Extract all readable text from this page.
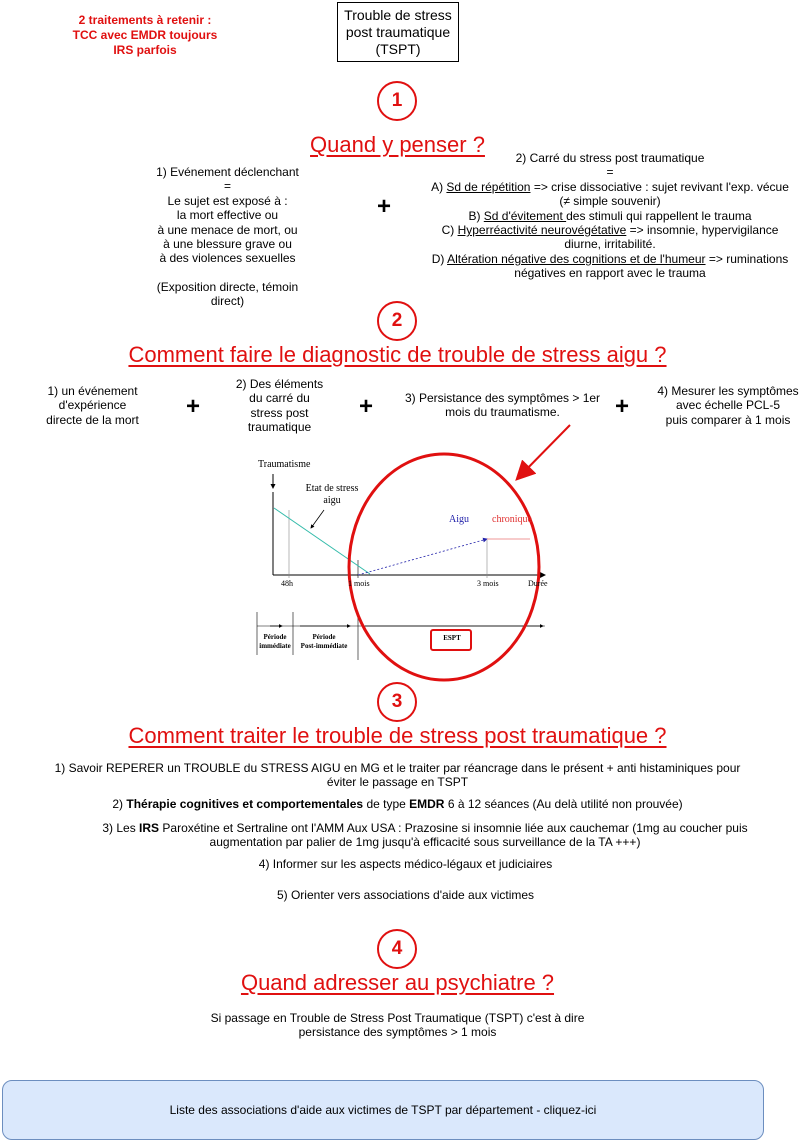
2 traitements à retenir :
TCC avec EMDR toujours
IRS parfois
Trouble de stress
post traumatique
(TSPT)
1
Quand y penser ?
1) Evénement déclenchant
=
Le sujet est exposé à :
la mort effective ou
à une menace de mort, ou
à une blessure grave ou
à des violences sexuelles
(Exposition directe, témoin
direct)
+
2) Carré du stress post traumatique
=
A) Sd de répétition => crise dissociative : sujet revivant l'exp. vécue
(≠ simple souvenir)
B) Sd d'évitement des stimuli qui rappellent le trauma
C) Hyperréactivité neurovégétative => insomnie, hypervigilance
diurne, irritabilité.
D) Altération négative des cognitions et de l'humeur => ruminations
négatives en rapport avec le trauma
2
Comment faire le diagnostic de trouble de stress aigu ?
1) un événement
d'expérience
directe de la mort	+
2) Des éléments
du carré du
stress post
traumatique
+	3) Persistance des symptômes > 1er
mois du traumatisme.	+
4) Mesurer les symptômes
avec échelle PCL-5
puis comparer à 1 mois
Traumatisme
Etat de stress
aigu
Aigu chronique
48h	1 mois	3 mois	Durée
Période
immédiate
Période
Post-immédiate
ESPT
3
Comment traiter le trouble de stress post traumatique ?
1) Savoir REPERER un TROUBLE du STRESS AIGU en MG et le traiter par réancrage dans le présent + anti histaminiques pour
éviter le passage en TSPT
2) Thérapie cognitives et comportementales de type EMDR 6 à 12 séances (Au delà utilité non prouvée)
3) Les IRS Paroxétine et Sertraline ont l'AMM Aux USA : Prazosine si insomnie liée aux cauchemar (1mg au coucher puis
augmentation par palier de 1mg jusqu'à efficacité sous surveillance de la TA +++)
4) Informer sur les aspects médico-légaux et judiciaires
5) Orienter vers associations d'aide aux victimes
4
Quand adresser au psychiatre ?
Si passage en Trouble de Stress Post Traumatique (TSPT) c'est à dire
persistance des symptômes > 1 mois
Liste des associations d'aide aux victimes de TSPT par département - cliquez-ici
